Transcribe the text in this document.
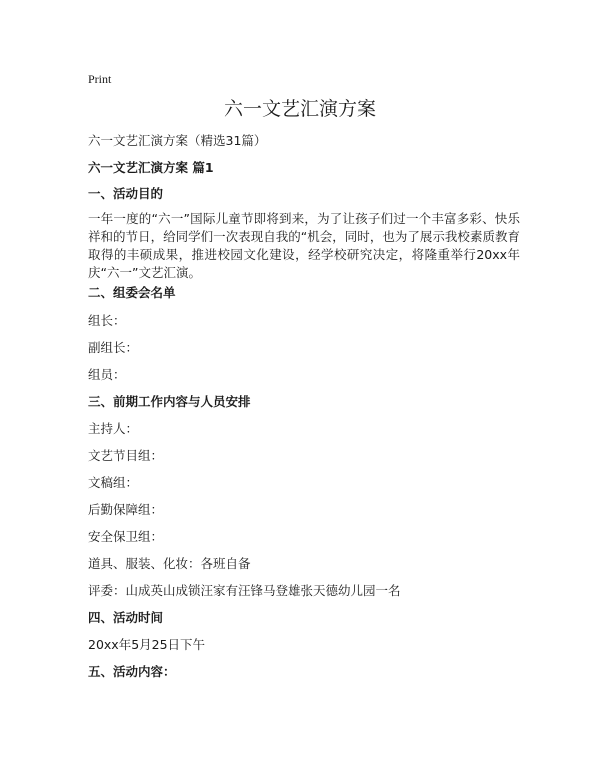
Print
六一文艺汇演方案
六一文艺汇演方案（精选31篇）
六一文艺汇演方案 篇1
一、活动目的
一年一度的“六一”国际儿童节即将到来，为了让孩子们过一个丰富多彩、快乐祥和的节日，给同学们一次表现自我的“机会，同时，也为了展示我校素质教育取得的丰硕成果，推进校园文化建设，经学校研究决定，将隆重举行20xx年庆“六一”文艺汇演。
二、组委会名单
组长：
副组长：
组员：
三、前期工作内容与人员安排
主持人：
文艺节目组：
文稿组：
后勤保障组：
安全保卫组：
道具、服装、化妆：各班自备
评委：山成英山成锁汪家有汪锋马登雄张天德幼儿园一名
四、活动时间
20xx年5月25日下午
五、活动内容：
